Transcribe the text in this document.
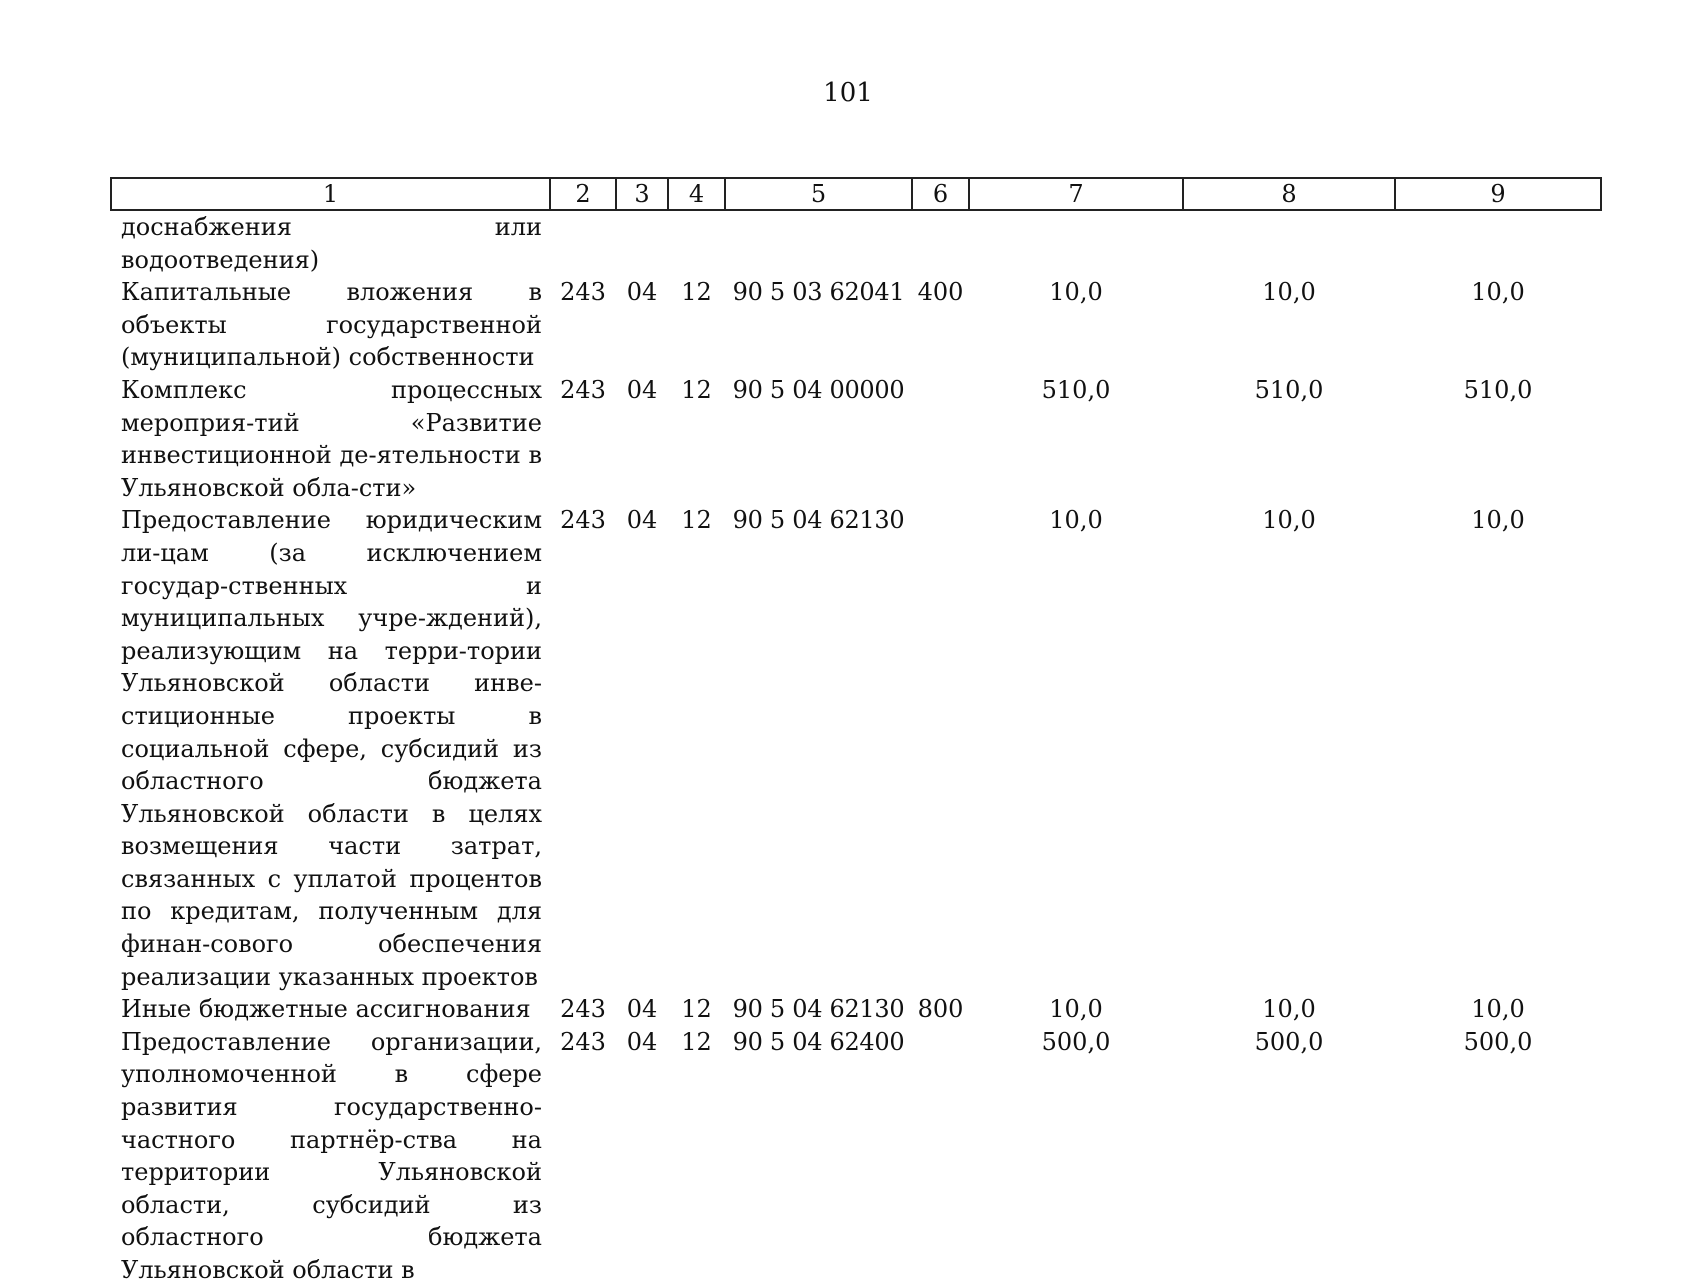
101
1	2	3	4	5	6	7	8	9
доснабжения или водоотведения)								
Капитальные вложения в объекты государственной (муниципальной) собственности	243	04	12	90 5 03 62041	400	10,0	10,0	10,0
Комплекс процессных мероприя-тий «Развитие инвестиционной де-ятельности в Ульяновской обла-сти»	243	04	12	90 5 04 00000		510,0	510,0	510,0
Предоставление юридическим ли-цам (за исключением государ-ственных и муниципальных учре-ждений), реализующим на терри-тории Ульяновской области инве-стиционные проекты в социальной сфере, субсидий из областного бюджета Ульяновской области в целях возмещения части затрат, связанных с уплатой процентов по кредитам, полученным для финан-сового обеспечения реализации указанных проектов	243	04	12	90 5 04 62130		10,0	10,0	10,0
Иные бюджетные ассигнования	243	04	12	90 5 04 62130	800	10,0	10,0	10,0
Предоставление организации, уполномоченной в сфере развития государственно-частного партнёр-ства на территории Ульяновской области, субсидий из областного бюджета Ульяновской области в	243	04	12	90 5 04 62400		500,0	500,0	500,0
